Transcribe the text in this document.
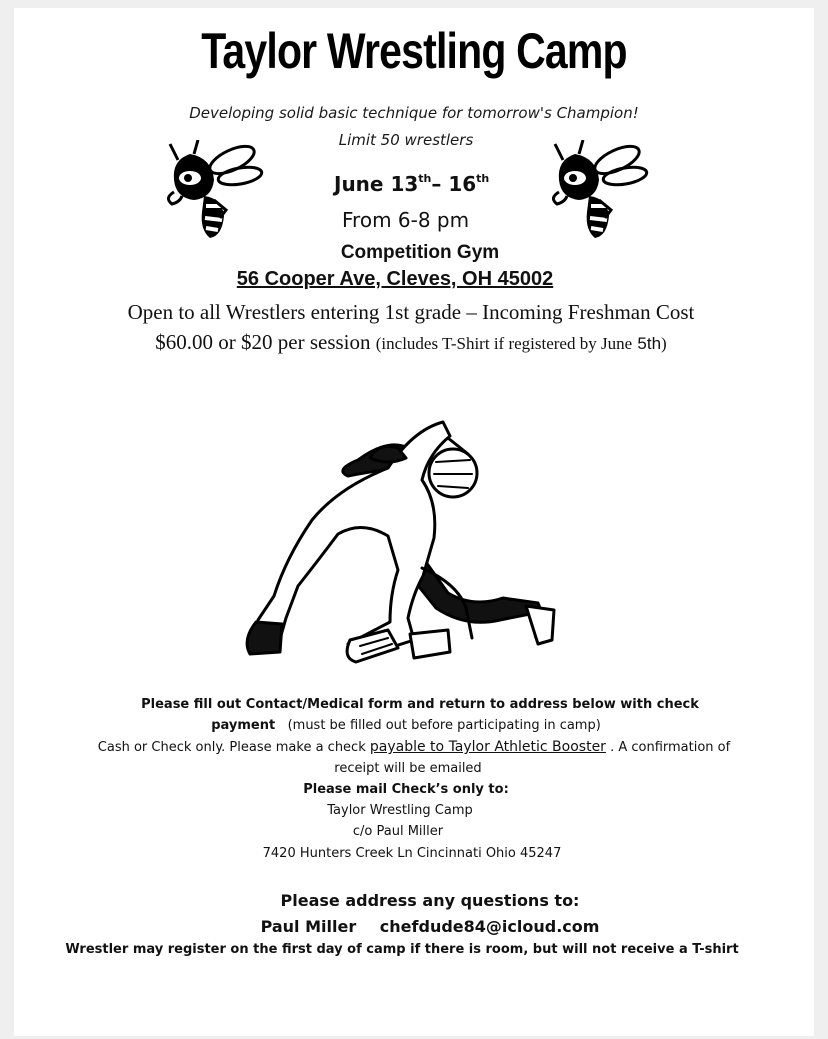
Taylor Wrestling Camp
Developing solid basic technique for tomorrow's Champion!
Limit 50 wrestlers
June 13th– 16th
From 6-8 pm
Competition Gym
56 Cooper Ave, Cleves, OH 45002
Open to all Wrestlers entering 1st grade – Incoming Freshman Cost
$60.00 or $20 per session (includes T-Shirt if registered by June 5th)
Please fill out Contact/Medical form and return to address below with check
payment (must be filled out before participating in camp)
Cash or Check only. Please make a check payable to Taylor Athletic Booster . A confirmation of
receipt will be emailed
Please mail Check’s only to:
Taylor Wrestling Camp
c/o Paul Miller
7420 Hunters Creek Ln Cincinnati Ohio 45247
Please address any questions to:
Paul Miller chefdude84@icloud.com
Wrestler may register on the first day of camp if there is room, but will not receive a T-shirt
